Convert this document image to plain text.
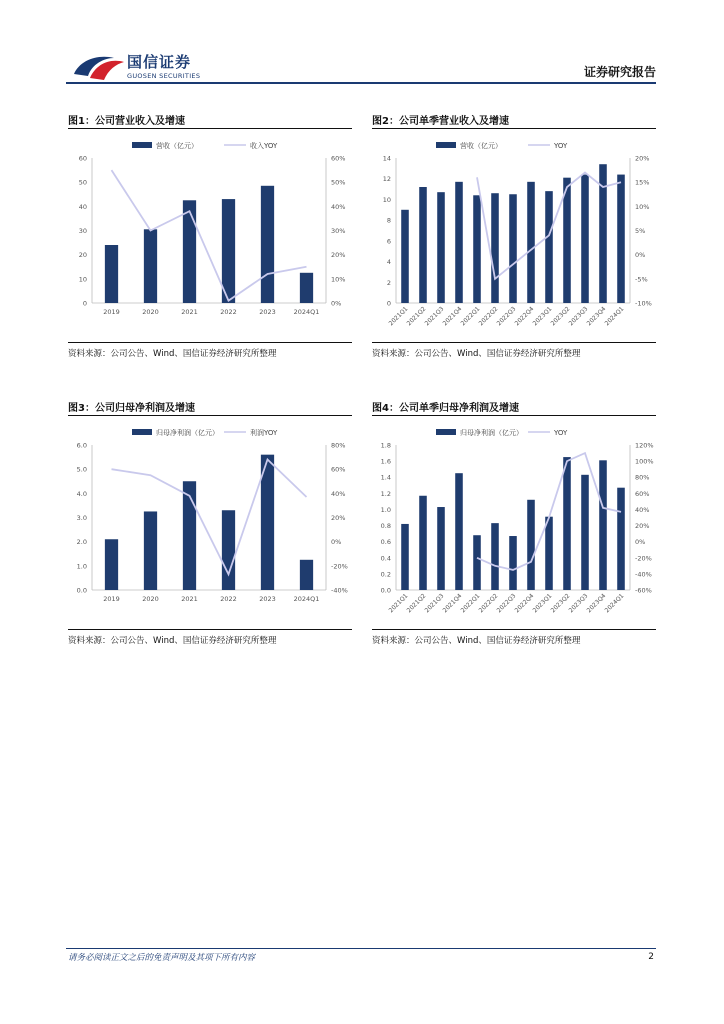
国信证券
GUOSEN SECURITIES	证券研究报告
图1：公司营业收入及增速
营收（亿元）	收入YOY
60
50
40
30
20
10
0
60%
50%
40%
30%
20%
10%
0%
2019	2020	2021	2022	2023	2024Q1
资料来源：公司公告、Wind、国信证券经济研究所整理
图2：公司单季营业收入及增速
营收（亿元）	YOY
14
12
10
8
6
4
2
0
20%
15%
10%
5%
0%
-5%
-10%
2021Q1
2021Q2
2021Q3
2021Q4
2022Q1
2022Q2
2022Q3
2022Q4
2023Q1
2023Q2
2023Q3
2023Q4
2024Q1
资料来源：公司公告、Wind、国信证券经济研究所整理
图3：公司归母净利润及增速
归母净利润（亿元）	利润YOY
6.0
5.0
4.0
3.0
2.0
1.0
0.0
80%
60%
40%
20%
0%
-20%
-40%
2019	2020	2021	2022	2023	2024Q1
资料来源：公司公告、Wind、国信证券经济研究所整理
图4：公司单季归母净利润及增速
归母净利润（亿元）	YOY
1.8
1.6
1.4
1.2
1.0
0.8
0.6
0.4
0.2
0.0
120%
100%
80%
60%
40%
20%
0%
-20%
-40%
-60%
2021Q1
2021Q2
2021Q3
2021Q4
2022Q1
2022Q2
2022Q3
2022Q4
2023Q1
2023Q2
2023Q3
2023Q4
2024Q1
资料来源：公司公告、Wind、国信证券经济研究所整理
请务必阅读正文之后的免责声明及其项下所有内容	2
